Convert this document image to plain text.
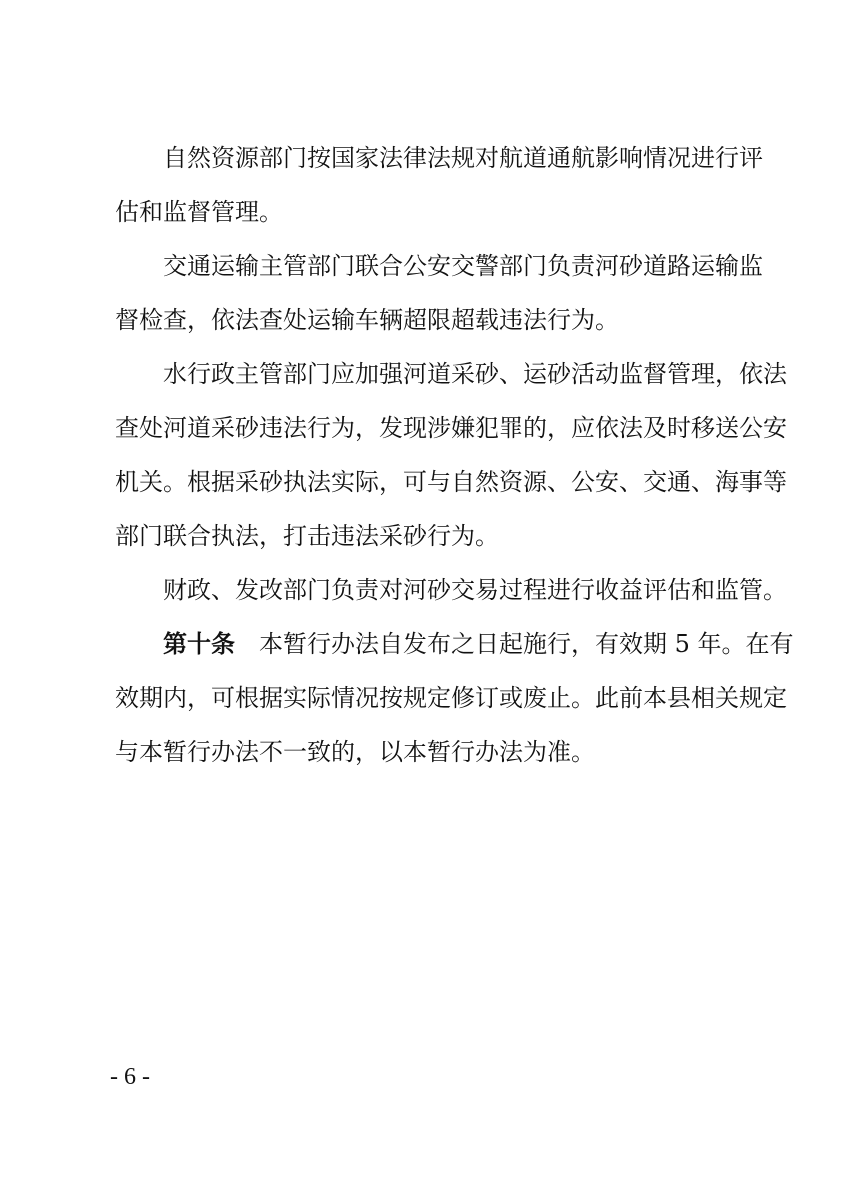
自然资源部门按国家法律法规对航道通航影响情况进行评
估和监督管理。
交通运输主管部门联合公安交警部门负责河砂道路运输监
督检查，依法查处运输车辆超限超载违法行为。
水行政主管部门应加强河道采砂、运砂活动监督管理，依法
查处河道采砂违法行为，发现涉嫌犯罪的，应依法及时移送公安
机关。根据采砂执法实际，可与自然资源、公安、交通、海事等
部门联合执法，打击违法采砂行为。
财政、发改部门负责对河砂交易过程进行收益评估和监管。
第十条 本暂行办法自发布之日起施行，有效期 5 年。在有
效期内，可根据实际情况按规定修订或废止。此前本县相关规定
与本暂行办法不一致的，以本暂行办法为准。
- 6 -
